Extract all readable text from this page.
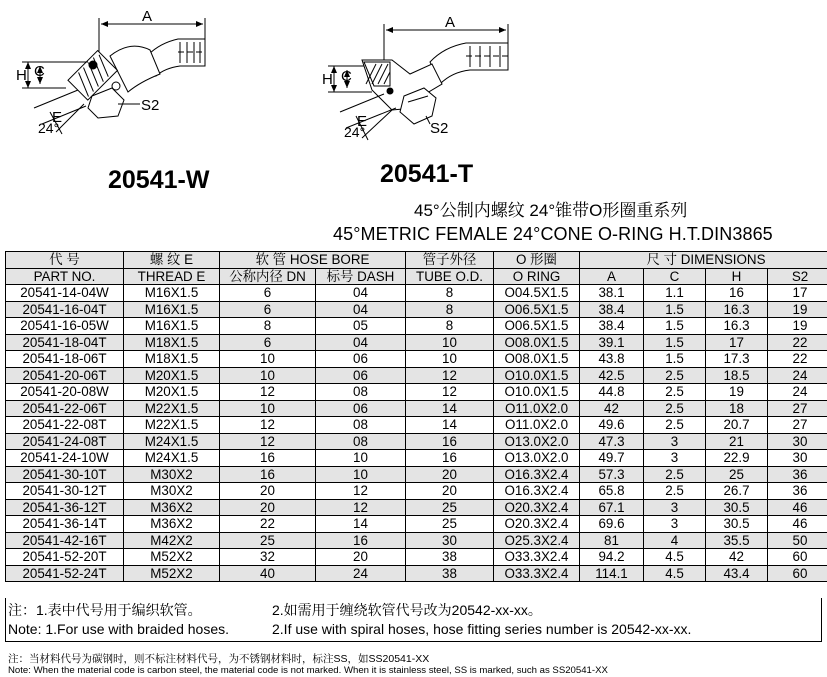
A
H C
E
S2
24°
A
H C
E	S2
24°
20541-W	20541-T
45°公制内螺纹 24°锥带O形圈重系列
45°METRIC FEMALE 24°CONE O-RING H.T.DIN3865
代 号	螺 纹 E	软 管 HOSE BORE		管子外径	O 形圈	尺 寸 DIMENSIONS			
PART NO.	THREAD E	公称内径 DN	标号 DASH	TUBE O.D.	O RING	A	C	H	S2
20541-14-04W	M16X1.5	6	04	8	O04.5X1.5	38.1	1.1	16	17
20541-16-04T	M16X1.5	6	04	8	O06.5X1.5	38.4	1.5	16.3	19
20541-16-05W	M16X1.5	8	05	8	O06.5X1.5	38.4	1.5	16.3	19
20541-18-04T	M18X1.5	6	04	10	O08.0X1.5	39.1	1.5	17	22
20541-18-06T	M18X1.5	10	06	10	O08.0X1.5	43.8	1.5	17.3	22
20541-20-06T	M20X1.5	10	06	12	O10.0X1.5	42.5	2.5	18.5	24
20541-20-08W	M20X1.5	12	08	12	O10.0X1.5	44.8	2.5	19	24
20541-22-06T	M22X1.5	10	06	14	O11.0X2.0	42	2.5	18	27
20541-22-08T	M22X1.5	12	08	14	O11.0X2.0	49.6	2.5	20.7	27
20541-24-08T	M24X1.5	12	08	16	O13.0X2.0	47.3	3	21	30
20541-24-10W	M24X1.5	16	10	16	O13.0X2.0	49.7	3	22.9	30
20541-30-10T	M30X2	16	10	20	O16.3X2.4	57.3	2.5	25	36
20541-30-12T	M30X2	20	12	20	O16.3X2.4	65.8	2.5	26.7	36
20541-36-12T	M36X2	20	12	25	O20.3X2.4	67.1	3	30.5	46
20541-36-14T	M36X2	22	14	25	O20.3X2.4	69.6	3	30.5	46
20541-42-16T	M42X2	25	16	30	O25.3X2.4	81	4	35.5	50
20541-52-20T	M52X2	32	20	38	O33.3X2.4	94.2	4.5	42	60
20541-52-24T	M52X2	40	24	38	O33.3X2.4	114.1	4.5	43.4	60
注：1.表中代号用于编织软管。	2.如需用于缠绕软管代号改为20542-xx-xx。
Note: 1.For use with braided hoses.	2.If use with spiral hoses, hose fitting series number is 20542-xx-xx.
注：当材料代号为碳钢时，则不标注材料代号，为不锈钢材料时，标注SS，如SS20541-XX
Note: When the material code is carbon steel, the material code is not marked. When it is stainless steel, SS is marked, such as SS20541-XX
